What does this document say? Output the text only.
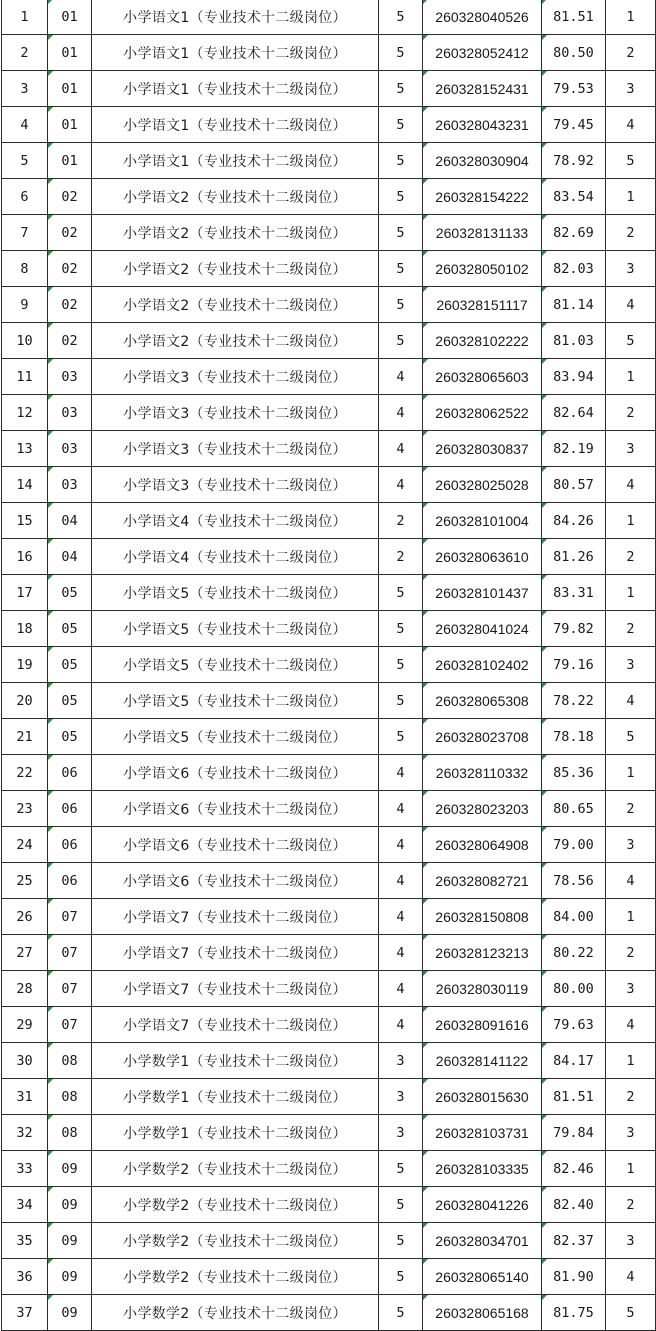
1	01	小学语文1（专业技术十二级岗位）	5	260328040526	81.51	1
2	01	小学语文1（专业技术十二级岗位）	5	260328052412	80.50	2
3	01	小学语文1（专业技术十二级岗位）	5	260328152431	79.53	3
4	01	小学语文1（专业技术十二级岗位）	5	260328043231	79.45	4
5	01	小学语文1（专业技术十二级岗位）	5	260328030904	78.92	5
6	02	小学语文2（专业技术十二级岗位）	5	260328154222	83.54	1
7	02	小学语文2（专业技术十二级岗位）	5	260328131133	82.69	2
8	02	小学语文2（专业技术十二级岗位）	5	260328050102	82.03	3
9	02	小学语文2（专业技术十二级岗位）	5	260328151117	81.14	4
10	02	小学语文2（专业技术十二级岗位）	5	260328102222	81.03	5
11	03	小学语文3（专业技术十二级岗位）	4	260328065603	83.94	1
12	03	小学语文3（专业技术十二级岗位）	4	260328062522	82.64	2
13	03	小学语文3（专业技术十二级岗位）	4	260328030837	82.19	3
14	03	小学语文3（专业技术十二级岗位）	4	260328025028	80.57	4
15	04	小学语文4（专业技术十二级岗位）	2	260328101004	84.26	1
16	04	小学语文4（专业技术十二级岗位）	2	260328063610	81.26	2
17	05	小学语文5（专业技术十二级岗位）	5	260328101437	83.31	1
18	05	小学语文5（专业技术十二级岗位）	5	260328041024	79.82	2
19	05	小学语文5（专业技术十二级岗位）	5	260328102402	79.16	3
20	05	小学语文5（专业技术十二级岗位）	5	260328065308	78.22	4
21	05	小学语文5（专业技术十二级岗位）	5	260328023708	78.18	5
22	06	小学语文6（专业技术十二级岗位）	4	260328110332	85.36	1
23	06	小学语文6（专业技术十二级岗位）	4	260328023203	80.65	2
24	06	小学语文6（专业技术十二级岗位）	4	260328064908	79.00	3
25	06	小学语文6（专业技术十二级岗位）	4	260328082721	78.56	4
26	07	小学语文7（专业技术十二级岗位）	4	260328150808	84.00	1
27	07	小学语文7（专业技术十二级岗位）	4	260328123213	80.22	2
28	07	小学语文7（专业技术十二级岗位）	4	260328030119	80.00	3
29	07	小学语文7（专业技术十二级岗位）	4	260328091616	79.63	4
30	08	小学数学1（专业技术十二级岗位）	3	260328141122	84.17	1
31	08	小学数学1（专业技术十二级岗位）	3	260328015630	81.51	2
32	08	小学数学1（专业技术十二级岗位）	3	260328103731	79.84	3
33	09	小学数学2（专业技术十二级岗位）	5	260328103335	82.46	1
34	09	小学数学2（专业技术十二级岗位）	5	260328041226	82.40	2
35	09	小学数学2（专业技术十二级岗位）	5	260328034701	82.37	3
36	09	小学数学2（专业技术十二级岗位）	5	260328065140	81.90	4
37	09	小学数学2（专业技术十二级岗位）	5	260328065168	81.75	5
